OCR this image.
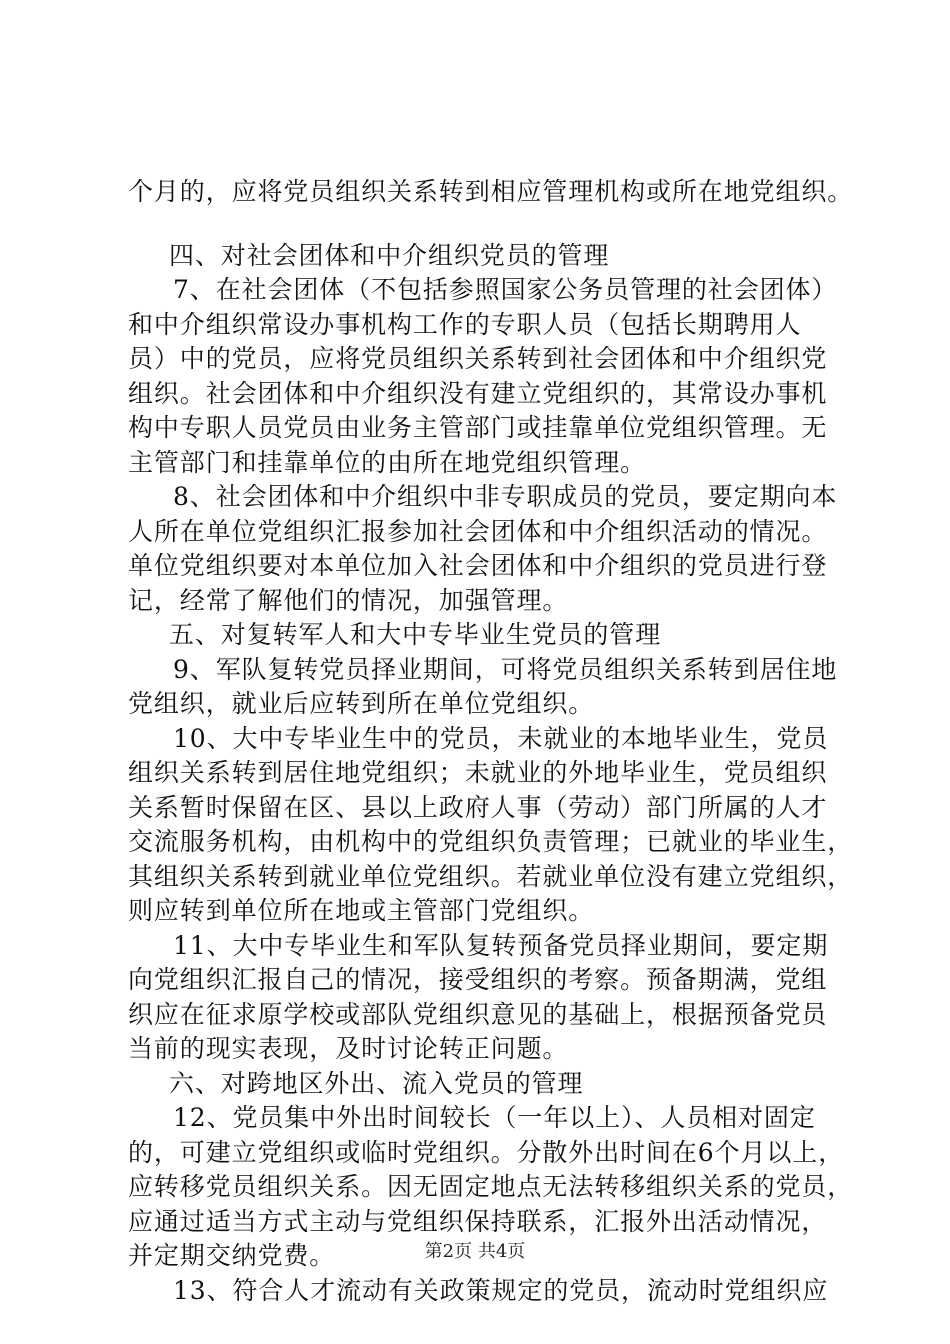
个月的，应将党员组织关系转到相应管理机构或所在地党组织。
四、对社会团体和中介组织党员的管理
7、在社会团体（不包括参照国家公务员管理的社会团体）
和中介组织常设办事机构工作的专职人员（包括长期聘用人
员）中的党员，应将党员组织关系转到社会团体和中介组织党
组织。社会团体和中介组织没有建立党组织的，其常设办事机
构中专职人员党员由业务主管部门或挂靠单位党组织管理。无
主管部门和挂靠单位的由所在地党组织管理。
8、社会团体和中介组织中非专职成员的党员，要定期向本
人所在单位党组织汇报参加社会团体和中介组织活动的情况。
单位党组织要对本单位加入社会团体和中介组织的党员进行登
记，经常了解他们的情况，加强管理。
五、对复转军人和大中专毕业生党员的管理
9、军队复转党员择业期间，可将党员组织关系转到居住地
党组织，就业后应转到所在单位党组织。
10、大中专毕业生中的党员，未就业的本地毕业生，党员
组织关系转到居住地党组织；未就业的外地毕业生，党员组织
关系暂时保留在区、县以上政府人事（劳动）部门所属的人才
交流服务机构，由机构中的党组织负责管理；已就业的毕业生，
其组织关系转到就业单位党组织。若就业单位没有建立党组织，
则应转到单位所在地或主管部门党组织。
11、大中专毕业生和军队复转预备党员择业期间，要定期
向党组织汇报自己的情况，接受组织的考察。预备期满，党组
织应在征求原学校或部队党组织意见的基础上，根据预备党员
当前的现实表现，及时讨论转正问题。
六、对跨地区外出、流入党员的管理
12、党员集中外出时间较长（一年以上）、人员相对固定
的，可建立党组织或临时党组织。分散外出时间在6个月以上，
应转移党员组织关系。因无固定地点无法转移组织关系的党员，
应通过适当方式主动与党组织保持联系，汇报外出活动情况，
并定期交纳党费。
13、符合人才流动有关政策规定的党员，流动时党组织应
第2页 共4页
